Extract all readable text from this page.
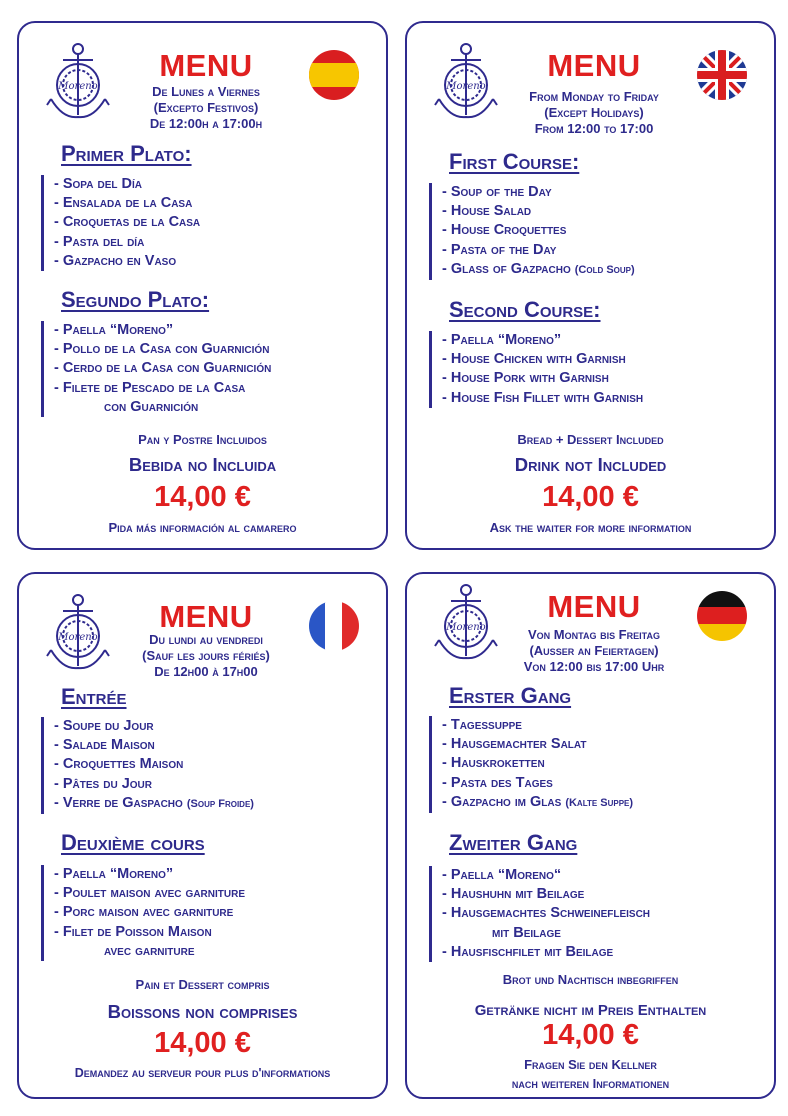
Moreno
MENU
De Lunes a Viernes
(Excepto Festivos)
De 12:00h a 17:00h
Primer Plato:
- Sopa del Día
- Ensalada de la Casa
- Croquetas de la Casa
- Pasta del día
- Gazpacho en Vaso
Segundo Plato:
- Paella “Moreno”
- Pollo de la Casa con Guarnición
- Cerdo de la Casa con Guarnición
- Filete de Pescado de la Casa
con Guarnición
Pan y Postre Incluidos
Bebida no Incluida
14,00 €
Pida más información al camarero
Moreno
MENU
From Monday to Friday
(Except Holidays)
From 12:00 to 17:00
First Course:
- Soup of the Day
- House Salad
- House Croquettes
- Pasta of the Day
- Glass of Gazpacho (Cold Soup)
Second Course:
- Paella “Moreno”
- House Chicken with Garnish
- House Pork with Garnish
- House Fish Fillet with Garnish
Bread + Dessert Included
Drink not Included
14,00 €
Ask the waiter for more information
Moreno
MENU
Du lundi au vendredi
(Sauf les jours fériés)
De 12h00 à 17h00
Entrée
- Soupe du Jour
- Salade Maison
- Croquettes Maison
- Pâtes du Jour
- Verre de Gaspacho (Soup Froide)
Deuxième cours
- Paella “Moreno”
- Poulet maison avec garniture
- Porc maison avec garniture
- Filet de Poisson Maison
avec garniture
Pain et Dessert compris
Boissons non comprises
14,00 €
Demandez au serveur pour plus d'informations
Moreno
MENU
Von Montag bis Freitag
(Außer an Feiertagen)
Von 12:00 bis 17:00 Uhr
Erster Gang
- Tagessuppe
- Hausgemachter Salat
- Hauskroketten
- Pasta des Tages
- Gazpacho im Glas (Kalte Suppe)
Zweiter Gang
- Paella “Moreno“
- Haushuhn mit Beilage
- Hausgemachtes Schweinefleisch
mit Beilage
- Hausfischfilet mit Beilage
Brot und Nachtisch inbegriffen
Getränke nicht im Preis Enthalten
14,00 €
Fragen Sie den Kellner
nach weiteren Informationen
